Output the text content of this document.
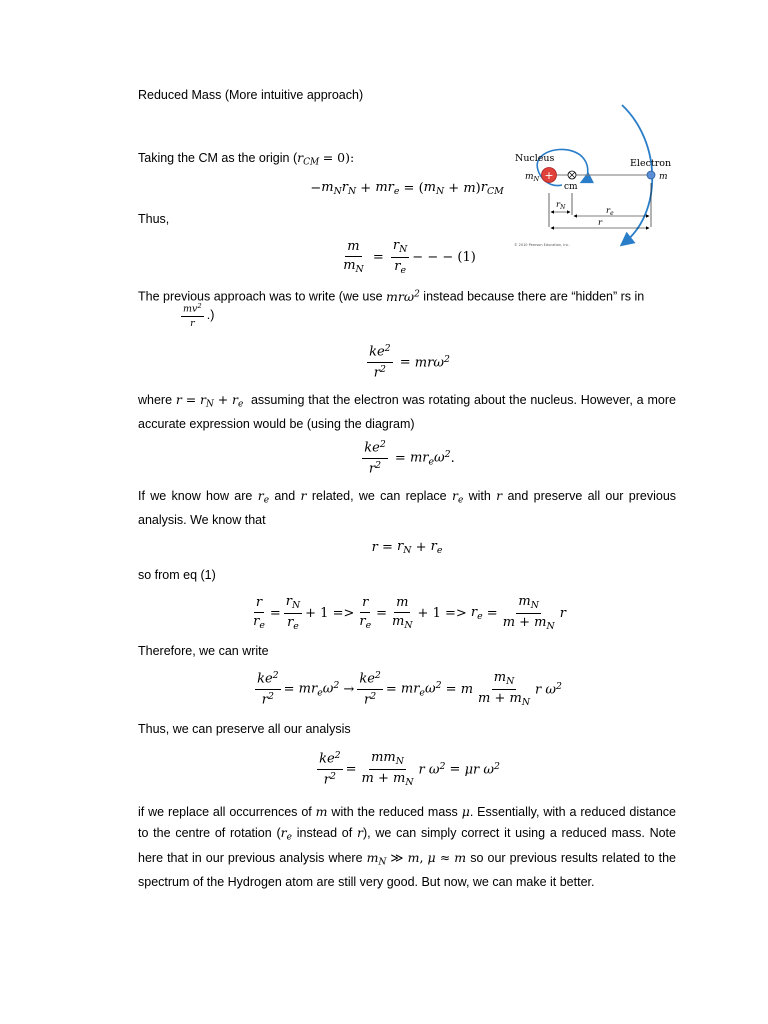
Reduced Mass (More intuitive approach)
Taking the CM as the origin $(r_{CM} = 0)$:
− $m_Nr_N + mr_e$ = ( $m_N + m$ ) $r_{CM}$
Thus,
$\frac{m}{m_N} = \frac{r_N}{r_e}$ − − − (1)
The previous approach was to write (we use mrω$^2$ instead because there are “hidden” rs in
$\frac{mv^2}{r}$ .)
$\frac{ke^2}{r^2} = mr\omega^2$
where $r = r_N + r_e$ assuming that the electron was rotating about the nucleus. However, a more accurate expression would be (using the diagram)
$\frac{ke^2}{r^2} = mr_e\omega^2$ .
If we know how are $r_e$ and r related, we can replace $r_e$ with r and preserve all our previous analysis. We know that
$r = r_N + r_e$
so from eq (1)
$\frac{r}{r_e} = \frac{r_N}{r_e} + 1 => \frac{r}{r_e} = \frac{m}{m_N} + 1 => r_e = \frac{m_N}{m + m_N}$ r
Therefore, we can write
$\frac{ke^2}{r^2} = mr_e\omega^2 \to \frac{ke^2}{r^2} = mr_e\omega^2 = m \frac{m_N}{m + m_N}$ r $\omega^2$
Thus, we can preserve all our analysis
$\frac{ke^2}{r^2} = \frac{mm_N}{m + m_N}$ r $\omega^2 = \mu r$ $\omega^2$
if we replace all occurrences of m with the reduced mass μ. Essentially, with a reduced distance to the centre of rotation ($r_e$ instead of r), we can simply correct it using a reduced mass. Note here that in our previous analysis where $m_N$ ≫ m, μ ≈ m so our previous results related to the spectrum of the Hydrogen atom are still very good. But now, we can make it better.
+
Nucleus	Electron
cm
$m_N$	m
$r_N$	$r_e$
r
© 2010 Pearson Education, Inc.
